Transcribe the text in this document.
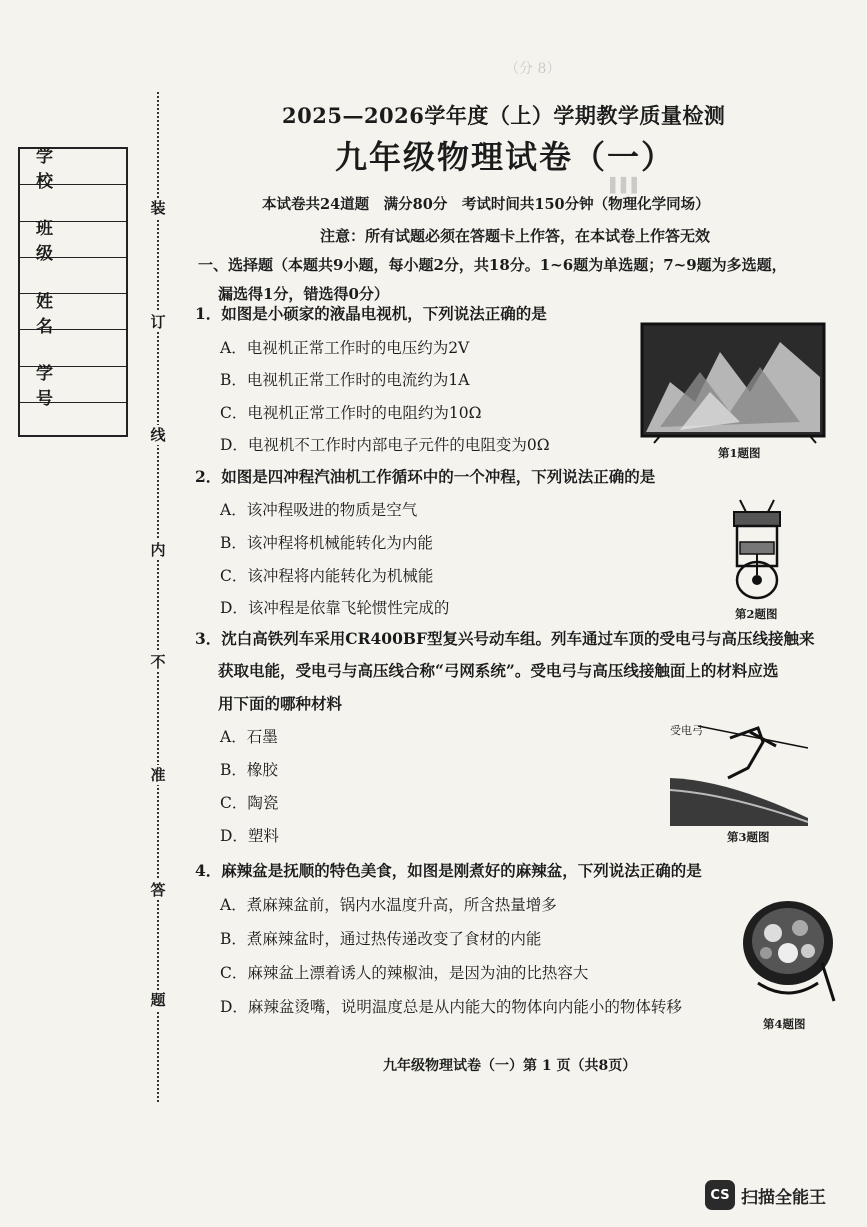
（分 8）
▌▌▌
学 校
班 级
姓 名
学 号
装
订
线
内
不
准
答
题
2025—2026学年度（上）学期教学质量检测
九年级物理试卷（一）
本试卷共24道题　满分80分　考试时间共150分钟（物理化学同场）
注意：所有试题必须在答题卡上作答，在本试卷上作答无效
一、选择题（本题共9小题，每小题2分，共18分。1~6题为单选题；7~9题为多选题，
漏选得1分，错选得0分）
1．如图是小硕家的液晶电视机，下列说法正确的是
A．电视机正常工作时的电压约为2V
B．电视机正常工作时的电流约为1A
C．电视机正常工作时的电阻约为10Ω
D．电视机不工作时内部电子元件的电阻变为0Ω	第1题图
2．如图是四冲程汽油机工作循环中的一个冲程，下列说法正确的是
A．该冲程吸进的物质是空气
B．该冲程将机械能转化为内能
C．该冲程将内能转化为机械能
D．该冲程是依靠飞轮惯性完成的	第2题图
3．沈白高铁列车采用CR400BF型复兴号动车组。列车通过车顶的受电弓与高压线接触来
获取电能，受电弓与高压线合称“弓网系统”。受电弓与高压线接触面上的材料应选
用下面的哪种材料
A．石墨
B．橡胶
C．陶瓷
D．塑料
受电弓
第3题图
4．麻辣盆是抚顺的特色美食，如图是刚煮好的麻辣盆，下列说法正确的是
A．煮麻辣盆前，锅内水温度升高，所含热量增多
B．煮麻辣盆时，通过热传递改变了食材的内能
C．麻辣盆上漂着诱人的辣椒油，是因为油的比热容大
D．麻辣盆烫嘴，说明温度总是从内能大的物体向内能小的物体转移
第4题图
九年级物理试卷（一）第 1 页（共8页）
CS 扫描全能王
